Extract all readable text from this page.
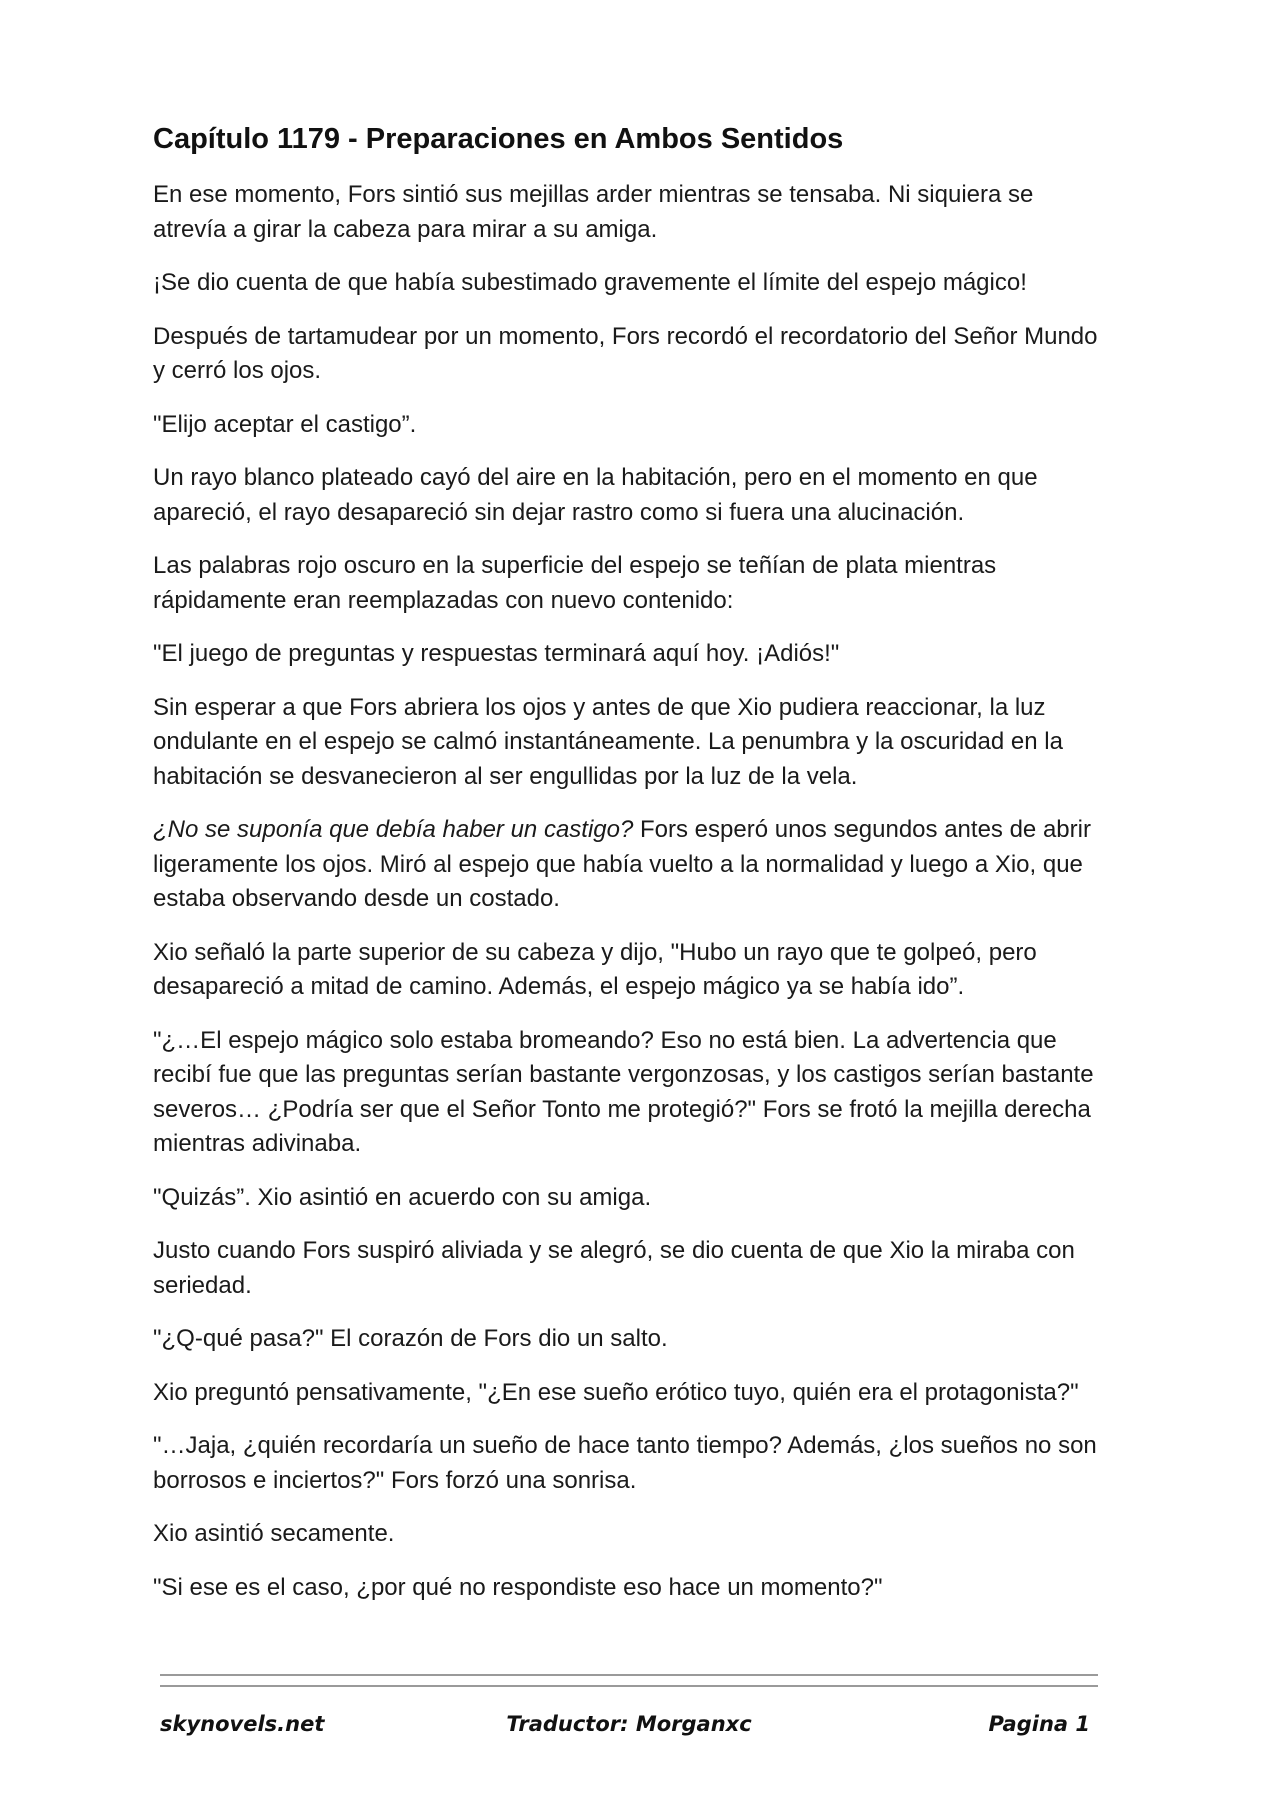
Capítulo 1179 - Preparaciones en Ambos Sentidos

En ese momento, Fors sintió sus mejillas arder mientras se tensaba. Ni siquiera se atrevía a girar la cabeza para mirar a su amiga.

¡Se dio cuenta de que había subestimado gravemente el límite del espejo mágico!

Después de tartamudear por un momento, Fors recordó el recordatorio del Señor Mundo y cerró los ojos.

"Elijo aceptar el castigo”.

Un rayo blanco plateado cayó del aire en la habitación, pero en el momento en que apareció, el rayo desapareció sin dejar rastro como si fuera una alucinación.

Las palabras rojo oscuro en la superficie del espejo se teñían de plata mientras rápidamente eran reemplazadas con nuevo contenido:

"El juego de preguntas y respuestas terminará aquí hoy. ¡Adiós!"

Sin esperar a que Fors abriera los ojos y antes de que Xio pudiera reaccionar, la luz ondulante en el espejo se calmó instantáneamente. La penumbra y la oscuridad en la habitación se desvanecieron al ser engullidas por la luz de la vela.

¿No se suponía que debía haber un castigo? Fors esperó unos segundos antes de abrir ligeramente los ojos. Miró al espejo que había vuelto a la normalidad y luego a Xio, que estaba observando desde un costado.

Xio señaló la parte superior de su cabeza y dijo, "Hubo un rayo que te golpeó, pero desapareció a mitad de camino. Además, el espejo mágico ya se había ido”.

"¿…El espejo mágico solo estaba bromeando? Eso no está bien. La advertencia que recibí fue que las preguntas serían bastante vergonzosas, y los castigos serían bastante severos… ¿Podría ser que el Señor Tonto me protegió?" Fors se frotó la mejilla derecha mientras adivinaba.

"Quizás”. Xio asintió en acuerdo con su amiga.

Justo cuando Fors suspiró aliviada y se alegró, se dio cuenta de que Xio la miraba con seriedad.

"¿Q-qué pasa?" El corazón de Fors dio un salto.

Xio preguntó pensativamente, "¿En ese sueño erótico tuyo, quién era el protagonista?"

"…Jaja, ¿quién recordaría un sueño de hace tanto tiempo? Además, ¿los sueños no son borrosos e inciertos?" Fors forzó una sonrisa.

Xio asintió secamente.

"Si ese es el caso, ¿por qué no respondiste eso hace un momento?"

skynovels.net	Traductor: Morganxc	Pagina 1
